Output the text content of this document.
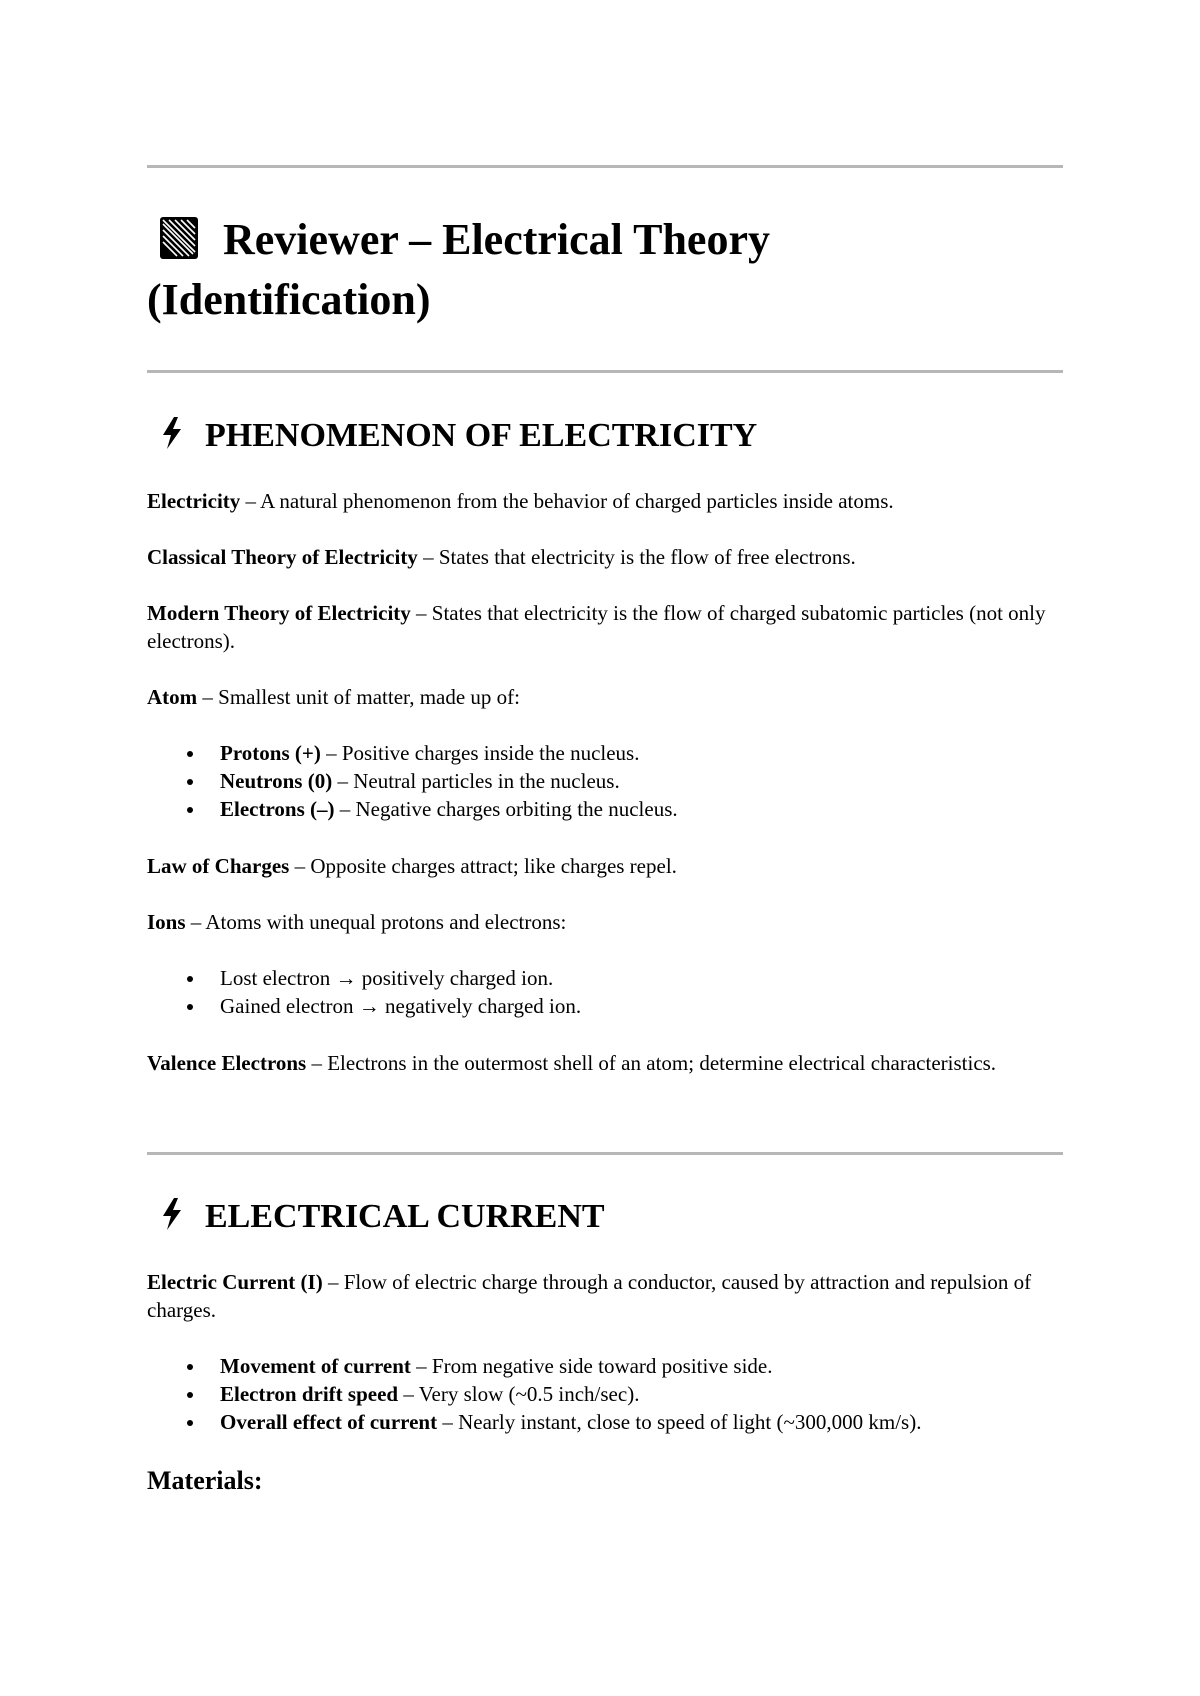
Reviewer – Electrical Theory (Identification)
PHENOMENON OF ELECTRICITY

Electricity – A natural phenomenon from the behavior of charged particles inside atoms.

Classical Theory of Electricity – States that electricity is the flow of free electrons.

Modern Theory of Electricity – States that electricity is the flow of charged subatomic particles (not only electrons).

Atom – Smallest unit of matter, made up of:

Protons (+) – Positive charges inside the nucleus.
Neutrons (0) – Neutral particles in the nucleus.
Electrons (–) – Negative charges orbiting the nucleus.

Law of Charges – Opposite charges attract; like charges repel.

Ions – Atoms with unequal protons and electrons:

Lost electron → positively charged ion.
Gained electron → negatively charged ion.

Valence Electrons – Electrons in the outermost shell of an atom; determine electrical characteristics.

ELECTRICAL CURRENT

Electric Current (I) – Flow of electric charge through a conductor, caused by attraction and repulsion of charges.

Movement of current – From negative side toward positive side.
Electron drift speed – Very slow (~0.5 inch/sec).
Overall effect of current – Nearly instant, close to speed of light (~300,000 km/s).
Materials:
